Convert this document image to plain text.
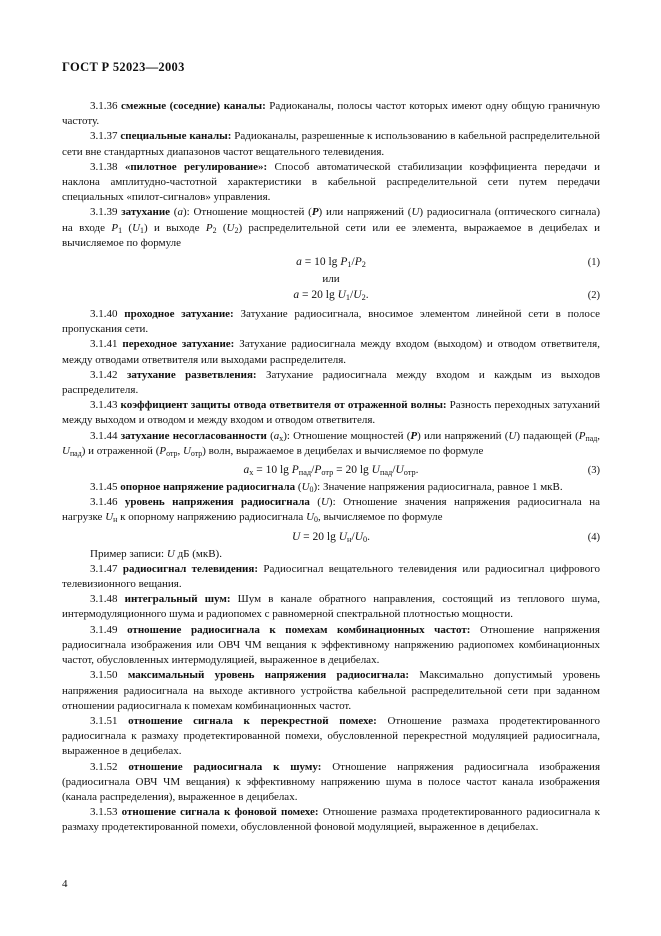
ГОСТ Р 52023—2003

3.1.36 смежные (соседние) каналы: Радиоканалы, полосы частот которых имеют одну общую граничную частоту.

3.1.37 специальные каналы: Радиоканалы, разрешенные к использованию в кабельной распределительной сети вне стандартных диапазонов частот вещательного телевидения.

3.1.38 «пилотное регулирование»: Способ автоматической стабилизации коэффициента передачи и наклона амплитудно-частотной характеристики в кабельной распределительной сети путем передачи специальных «пилот-сигналов» управления.

3.1.39 затухание (a): Отношение мощностей (P) или напряжений (U) радиосигнала (оптического сигнала) на входе $P_1$ $(U_1)$ и выходе $P_2$ $(U_2)$ распределительной сети или ее элемента, выражаемое в децибелах и вычисляемое по формуле

a = 10 $\lg P_1/P_2$	(1)
или
a = 20 $\lg U_1/U_2$.	(2)

3.1.40 проходное затухание: Затухание радиосигнала, вносимое элементом линейной сети в полосе пропускания сети.

3.1.41 переходное затухание: Затухание радиосигнала между входом (выходом) и отводом ответвителя, между отводами ответвителя или выходами распределителя.

3.1.42 затухание разветвления: Затухание радиосигнала между входом и каждым из выходов распределителя.

3.1.43 коэффициент защиты отвода ответвителя от отраженной волны: Разность переходных затуханий между выходом и отводом и между входом и отводом ответвителя.

3.1.44 затухание несогласованности $(a_x)$: Отношение мощностей (P) или напряжений (U) падающей ($P_{пад}$, $U_{пад}$) и отраженной ($P_{отр}$, $U_{отр}$) волн, выражаемое в децибелах и вычисляемое по формуле

$a_x = 10$ $\lg P_{пад}/P_{отр} = 20$ $\lg U_{пад}/U_{отр}$.	(3)

3.1.45 опорное напряжение радиосигнала $(U_0)$: Значение напряжения радиосигнала, равное 1 мкВ.

3.1.46 уровень напряжения радиосигнала (U): Отношение значения напряжения радиосигнала на нагрузке $U_н$ к опорному напряжению радиосигнала $U_0$, вычисляемое по формуле

U = 20 $\lg U_н/U_0$.	(4)

Пример записи: U дБ (мкВ).

3.1.47 радиосигнал телевидения: Радиосигнал вещательного телевидения или радиосигнал цифрового телевизионного вещания.

3.1.48 интегральный шум: Шум в канале обратного направления, состоящий из теплового шума, интермодуляционного шума и радиопомех с равномерной спектральной плотностью мощности.

3.1.49 отношение радиосигнала к помехам комбинационных частот: Отношение напряжения радиосигнала изображения или ОВЧ ЧМ вещания к эффективному напряжению радиопомех комбинационных частот, обусловленных интермодуляцией, выраженное в децибелах.

3.1.50 максимальный уровень напряжения радиосигнала: Максимально допустимый уровень напряжения радиосигнала на выходе активного устройства кабельной распределительной сети при заданном отношении радиосигнала к помехам комбинационных частот.

3.1.51 отношение сигнала к перекрестной помехе: Отношение размаха продетектированного радиосигнала к размаху продетектированной помехи, обусловленной перекрестной модуляцией радиосигнала, выраженное в децибелах.

3.1.52 отношение радиосигнала к шуму: Отношение напряжения радиосигнала изображения (радиосигнала ОВЧ ЧМ вещания) к эффективному напряжению шума в полосе частот канала изображения (канала распределения), выраженное в децибелах.

3.1.53 отношение сигнала к фоновой помехе: Отношение размаха продетектированного радиосигнала к размаху продетектированной помехи, обусловленной фоновой модуляцией, выраженное в децибелах.

4
